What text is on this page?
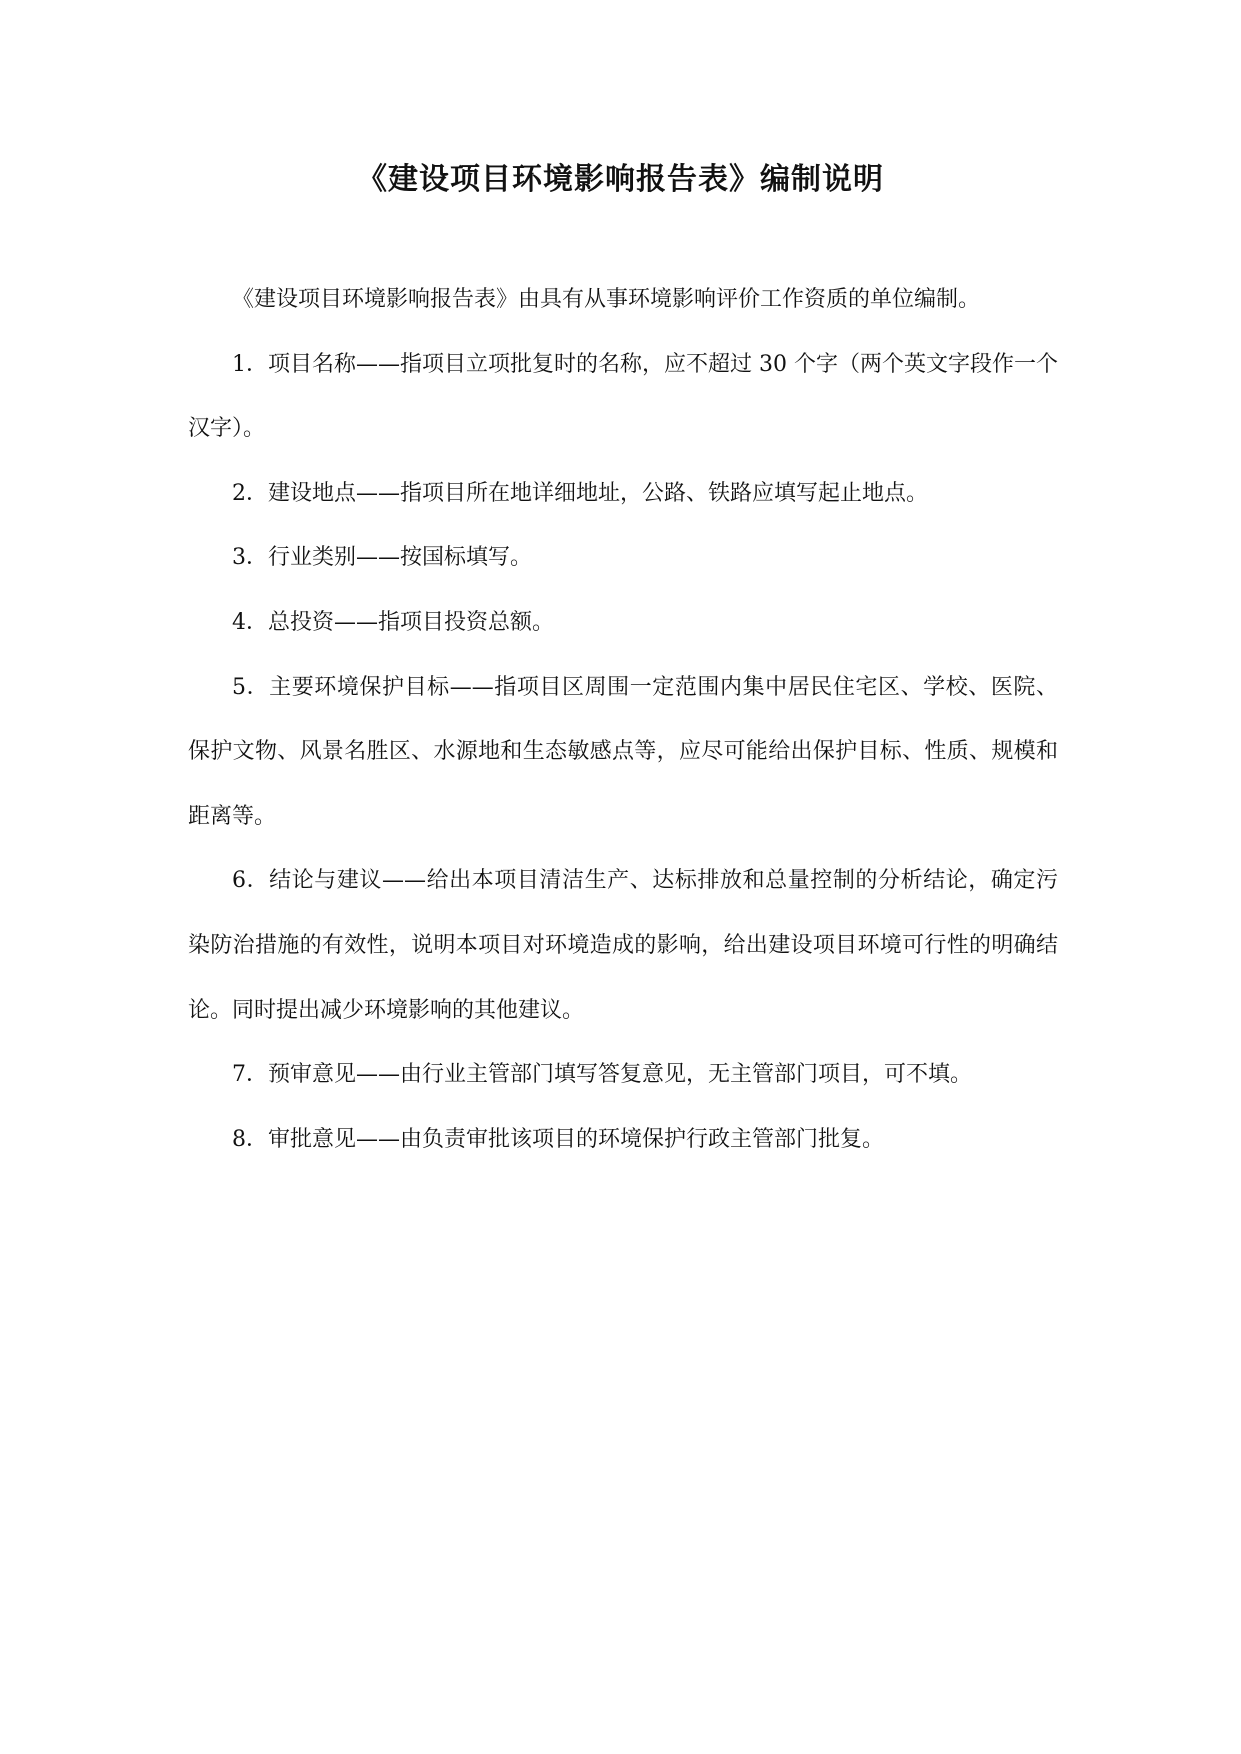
《建设项目环境影响报告表》编制说明

《建设项目环境影响报告表》由具有从事环境影响评价工作资质的单位编制。

1．项目名称——指项目立项批复时的名称，应不超过 30 个字（两个英文字段作一个汉字）。

2．建设地点——指项目所在地详细地址，公路、铁路应填写起止地点。

3．行业类别——按国标填写。

4．总投资——指项目投资总额。

5．主要环境保护目标——指项目区周围一定范围内集中居民住宅区、学校、医院、保护文物、风景名胜区、水源地和生态敏感点等，应尽可能给出保护目标、性质、规模和距离等。

6．结论与建议——给出本项目清洁生产、达标排放和总量控制的分析结论，确定污染防治措施的有效性，说明本项目对环境造成的影响，给出建设项目环境可行性的明确结论。同时提出减少环境影响的其他建议。

7．预审意见——由行业主管部门填写答复意见，无主管部门项目，可不填。

8．审批意见——由负责审批该项目的环境保护行政主管部门批复。
